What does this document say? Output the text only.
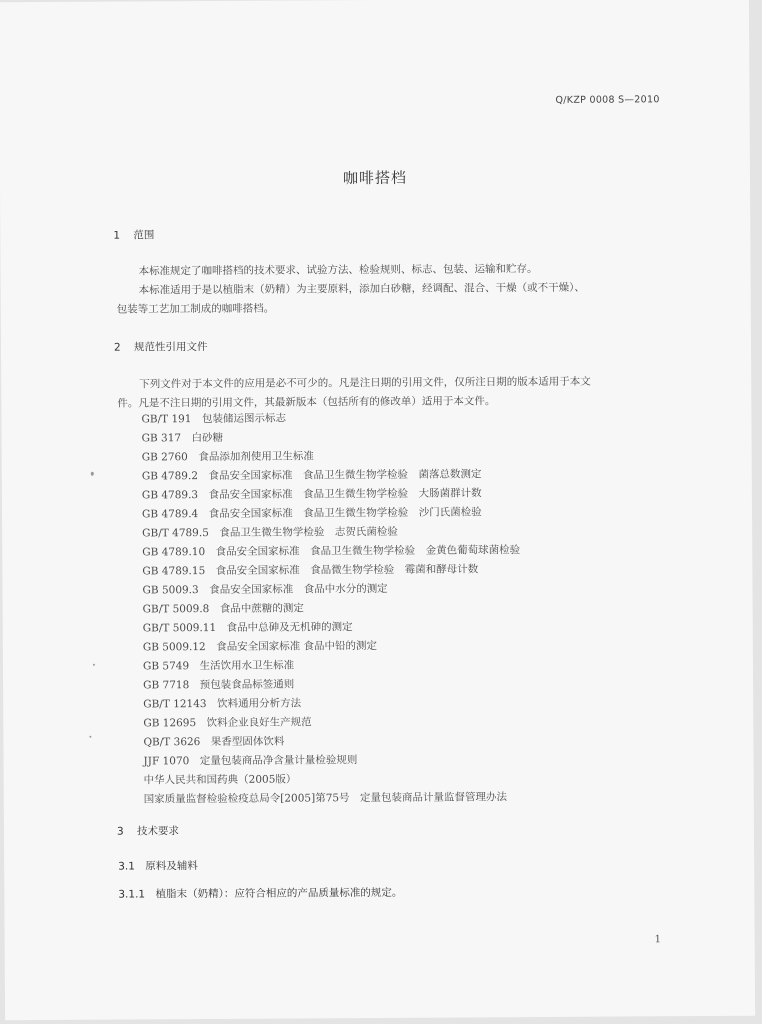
Q/KZP 0008 S—2010
咖啡搭档
1 范围
本标准规定了咖啡搭档的技术要求、试验方法、检验规则、标志、包装、运输和贮存。
本标准适用于是以植脂末（奶精）为主要原料，添加白砂糖，经调配、混合、干燥（或不干燥）、
包装等工艺加工制成的咖啡搭档。
2 规范性引用文件
下列文件对于本文件的应用是必不可少的。凡是注日期的引用文件，仅所注日期的版本适用于本文
件。凡是不注日期的引用文件，其最新版本（包括所有的修改单）适用于本文件。
GB/T 191　包装储运图示标志
GB 317　白砂糖
GB 2760　食品添加剂使用卫生标准
GB 4789.2　食品安全国家标准　食品卫生微生物学检验　菌落总数测定
GB 4789.3　食品安全国家标准　食品卫生微生物学检验　大肠菌群计数
GB 4789.4　食品安全国家标准　食品卫生微生物学检验　沙门氏菌检验
GB/T 4789.5　食品卫生微生物学检验　志贺氏菌检验
GB 4789.10　食品安全国家标准　食品卫生微生物学检验　金黄色葡萄球菌检验
GB 4789.15　食品安全国家标准　食品微生物学检验　霉菌和酵母计数
GB 5009.3　食品安全国家标准　食品中水分的测定
GB/T 5009.8　食品中蔗糖的测定
GB/T 5009.11　食品中总砷及无机砷的测定
GB 5009.12　食品安全国家标准 食品中铅的测定
GB 5749　生活饮用水卫生标准
GB 7718　预包装食品标签通则
GB/T 12143　饮料通用分析方法
GB 12695　饮料企业良好生产规范
QB/T 3626　果香型固体饮料
JJF 1070　定量包装商品净含量计量检验规则
中华人民共和国药典（2005版）
国家质量监督检验检疫总局令[2005]第75号　定量包装商品计量监督管理办法
3 技术要求
3.1　原料及辅料
3.1.1　植脂末（奶精）：应符合相应的产品质量标准的规定。
1
